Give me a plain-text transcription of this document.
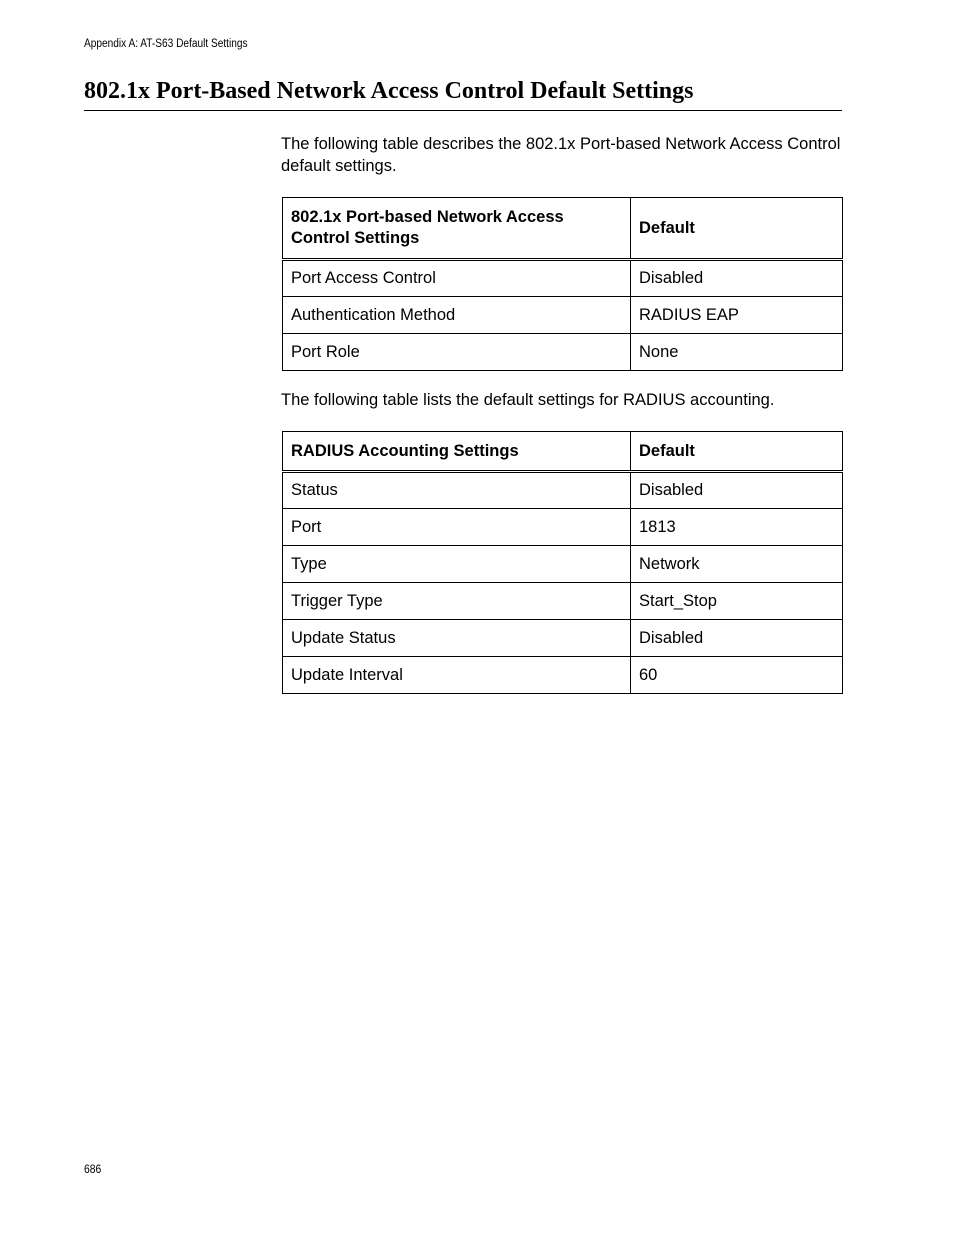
Appendix A: AT-S63 Default Settings
802.1x Port-Based Network Access Control Default Settings

The following table describes the 802.1x Port-based Network Access Control default settings.

802.1x Port-based Network Access Control Settings	Default
Port Access Control	Disabled
Authentication Method	RADIUS EAP
Port Role	None

The following table lists the default settings for RADIUS accounting.

RADIUS Accounting Settings	Default
Status	Disabled
Port	1813
Type	Network
Trigger Type	Start_Stop
Update Status	Disabled
Update Interval	60
686
